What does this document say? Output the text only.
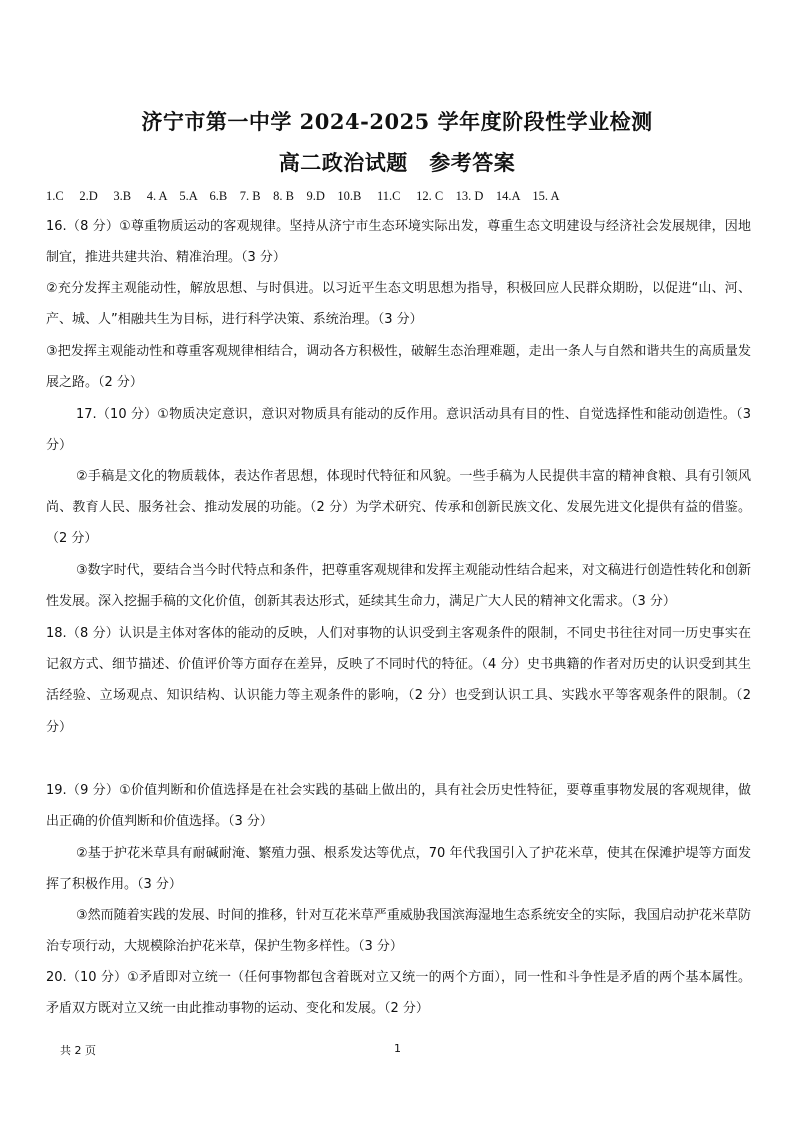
济宁市第一中学 2024-2025 学年度阶段性学业检测
高二政治试题　参考答案
1.C　 2.D　 3.B　 4. A　5.A　6.B　7. B　8. B　9.D　10.B　 11.C　 12. C　13. D　14.A　15. A
16.（8 分）①尊重物质运动的客观规律。坚持从济宁市生态环境实际出发，尊重生态文明建设与经济社会发展规律，因地制宜，推进共建共治、精准治理。（3 分）
②充分发挥主观能动性，解放思想、与时俱进。以习近平生态文明思想为指导，积极回应人民群众期盼，以促进“山、河、产、城、人”相融共生为目标，进行科学决策、系统治理。（3 分）
③把发挥主观能动性和尊重客观规律相结合，调动各方积极性，破解生态治理难题，走出一条人与自然和谐共生的高质量发展之路。（2 分）
17.（10 分）①物质决定意识，意识对物质具有能动的反作用。意识活动具有目的性、自觉选择性和能动创造性。（3 分）
②手稿是文化的物质载体，表达作者思想，体现时代特征和风貌。一些手稿为人民提供丰富的精神食粮、具有引领风尚、教育人民、服务社会、推动发展的功能。（2 分）为学术研究、传承和创新民族文化、发展先进文化提供有益的借鉴。（2 分）
③数字时代，要结合当今时代特点和条件，把尊重客观规律和发挥主观能动性结合起来，对文稿进行创造性转化和创新性发展。深入挖掘手稿的文化价值，创新其表达形式，延续其生命力，满足广大人民的精神文化需求。（3 分）
18.（8 分）认识是主体对客体的能动的反映，人们对事物的认识受到主客观条件的限制，不同史书往往对同一历史事实在记叙方式、细节描述、价值评价等方面存在差异，反映了不同时代的特征。（4 分）史书典籍的作者对历史的认识受到其生活经验、立场观点、知识结构、认识能力等主观条件的影响，（2 分）也受到认识工具、实践水平等客观条件的限制。（2 分）
19.（9 分）①价值判断和价值选择是在社会实践的基础上做出的，具有社会历史性特征，要尊重事物发展的客观规律，做出正确的价值判断和价值选择。（3 分）
②基于护花米草具有耐碱耐淹、繁殖力强、根系发达等优点，70 年代我国引入了护花米草，使其在保滩护堤等方面发挥了积极作用。（3 分）
③然而随着实践的发展、时间的推移，针对互花米草严重威胁我国滨海湿地生态系统安全的实际，我国启动护花米草防治专项行动，大规模除治护花米草，保护生物多样性。（3 分）
20.（10 分）①矛盾即对立统一（任何事物都包含着既对立又统一的两个方面），同一性和斗争性是矛盾的两个基本属性。矛盾双方既对立又统一由此推动事物的运动、变化和发展。（2 分）
共 2 页	1
